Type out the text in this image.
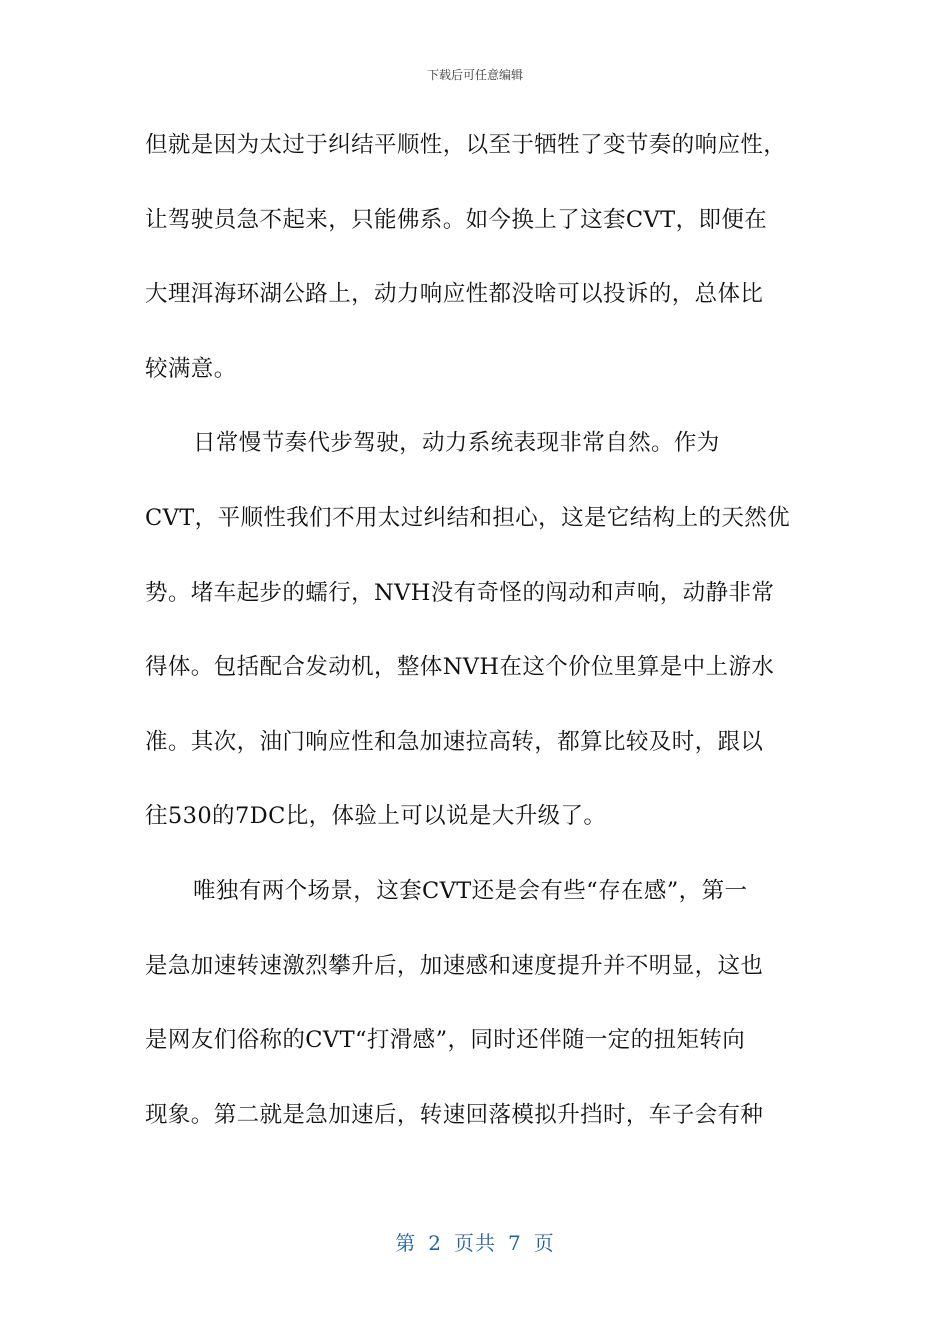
下载后可任意编辑
但就是因为太过于纠结平顺性，以至于牺牲了变节奏的响应性，
让驾驶员急不起来，只能佛系。如今换上了这套CVT，即便在
大理洱海环湖公路上，动力响应性都没啥可以投诉的，总体比
较满意。
日常慢节奏代步驾驶，动力系统表现非常自然。作为
CVT，平顺性我们不用太过纠结和担心，这是它结构上的天然优
势。堵车起步的蠕行，NVH没有奇怪的闯动和声响，动静非常
得体。包括配合发动机，整体NVH在这个价位里算是中上游水
准。其次，油门响应性和急加速拉高转，都算比较及时，跟以
往530的7DC比，体验上可以说是大升级了。
唯独有两个场景，这套CVT还是会有些“存在感”，第一
是急加速转速激烈攀升后，加速感和速度提升并不明显，这也
是网友们俗称的CVT“打滑感”，同时还伴随一定的扭矩转向
现象。第二就是急加速后，转速回落模拟升挡时，车子会有种
第 2 页共 7 页
